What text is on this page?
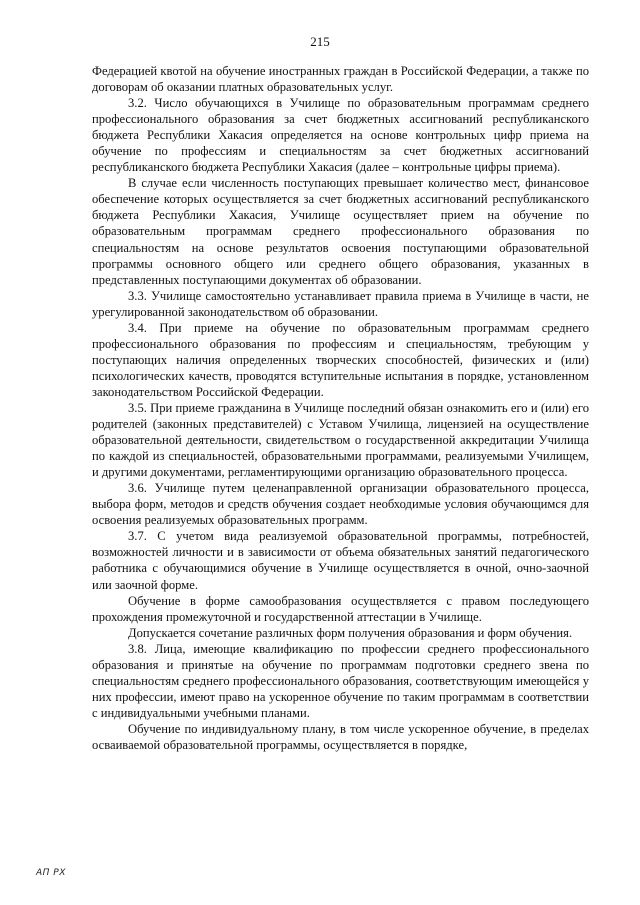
215

Федерацией квотой на обучение иностранных граждан в Российской Федерации, а также по договорам об оказании платных образовательных услуг.

3.2. Число обучающихся в Училище по образовательным программам среднего профессионального образования за счет бюджетных ассигнований республиканского бюджета Республики Хакасия определяется на основе контрольных цифр приема на обучение по профессиям и специальностям за счет бюджетных ассигнований республиканского бюджета Республики Хакасия (далее – контрольные цифры приема).

В случае если численность поступающих превышает количество мест, финансовое обеспечение которых осуществляется за счет бюджетных ассигнований республиканского бюджета Республики Хакасия, Училище осуществляет прием на обучение по образовательным программам среднего профессионального образования по специальностям на основе результатов освоения поступающими образовательной программы основного общего или среднего общего образования, указанных в представленных поступающими документах об образовании.

3.3. Училище самостоятельно устанавливает правила приема в Училище в части, не урегулированной законодательством об образовании.

3.4. При приеме на обучение по образовательным программам среднего профессионального образования по профессиям и специальностям, требующим у поступающих наличия определенных творческих способностей, физических и (или) психологических качеств, проводятся вступительные испытания в порядке, установленном законодательством Российской Федерации.

3.5. При приеме гражданина в Училище последний обязан ознакомить его и (или) его родителей (законных представителей) с Уставом Училища, лицензией на осуществление образовательной деятельности, свидетельством о государственной аккредитации Училища по каждой из специальностей, образовательными программами, реализуемыми Училищем, и другими документами, регламентирующими организацию образовательного процесса.

3.6. Училище путем целенаправленной организации образовательного процесса, выбора форм, методов и средств обучения создает необходимые условия обучающимся для освоения реализуемых образовательных программ.

3.7. С учетом вида реализуемой образовательной программы, потребностей, возможностей личности и в зависимости от объема обязательных занятий педагогического работника с обучающимися обучение в Училище осуществляется в очной, очно-заочной или заочной форме.

Обучение в форме самообразования осуществляется с правом последующего прохождения промежуточной и государственной аттестации в Училище.

Допускается сочетание различных форм получения образования и форм обучения.

3.8. Лица, имеющие квалификацию по профессии среднего профессионального образования и принятые на обучение по программам подготовки среднего звена по специальностям среднего профессионального образования, соответствующим имеющейся у них профессии, имеют право на ускоренное обучение по таким программам в соответствии с индивидуальными учебными планами.

Обучение по индивидуальному плану, в том числе ускоренное обучение, в пределах осваиваемой образовательной программы, осуществляется в порядке,

АП РХ
